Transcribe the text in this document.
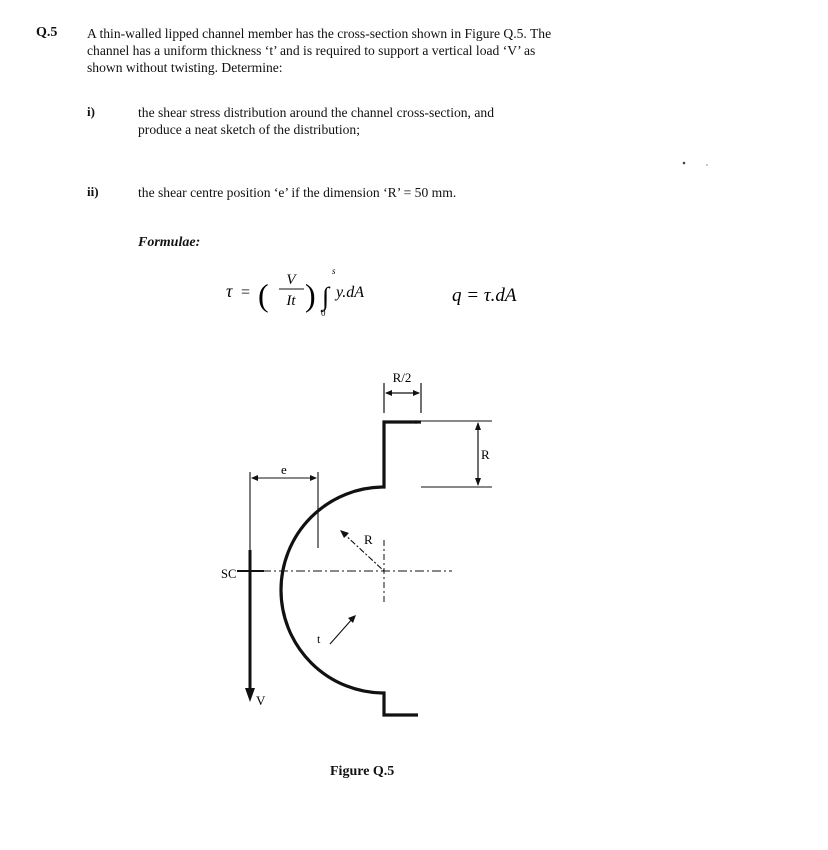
Q.5 A thin-walled lipped channel member has the cross-section shown in Figure Q.5. The
channel has a uniform thickness ‘t’ and is required to support a vertical load ‘V’ as
shown without twisting. Determine:
i)	the shear stress distribution around the channel cross-section, and
produce a neat sketch of the distribution;
ii)	the shear centre position ‘e’ if the dimension ‘R’ = 50 mm.
Formulae:
τ = ( V
It ) ∫
s
0
y.dA	q = τ.dA
R/2
R
e
R
t
SC
V
Figure Q.5
